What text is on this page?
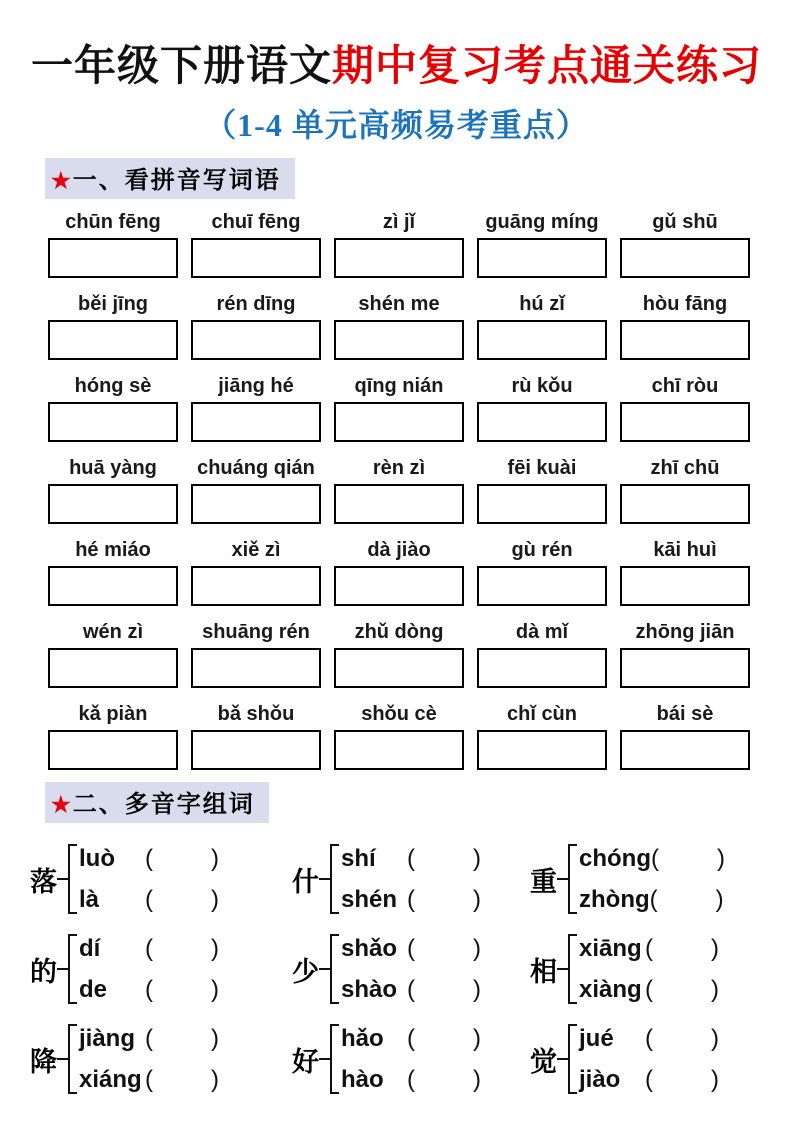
一年级下册语文期中复习考点通关练习
（1-4 单元高频易考重点）
★一、看拼音写词语
chūn fēng	chuī fēng	zì jǐ	guāng míng	gǔ shū
běi jīng	rén dīng	shén me	hú zǐ	hòu fāng
hóng sè	jiāng hé	qīng nián	rù kǒu	chī ròu
huā yàng	chuáng qián	rèn zì	fēi kuài	zhī chū
hé miáo	xiě zì	dà jiào	gù rén	kāi huì
wén zì	shuāng rén	zhǔ dòng	dà mǐ	zhōng jiān
kǎ piàn	bǎ shǒu	shǒu cè	chǐ cùn	bái sè
★二、多音字组词
落
luò	( )
là	( )
什
shí	( )
shén ( )
重
chóng ( )
zhòng ( )
的
dí	( )
de	( )
少
shǎo ( )
shào ( )
相
xiāng ( )
xiàng ( )
降
jiàng ( )
xiáng ( )
好
hǎo ( )
hào ( )
觉
jué	( )
jiào	( )
